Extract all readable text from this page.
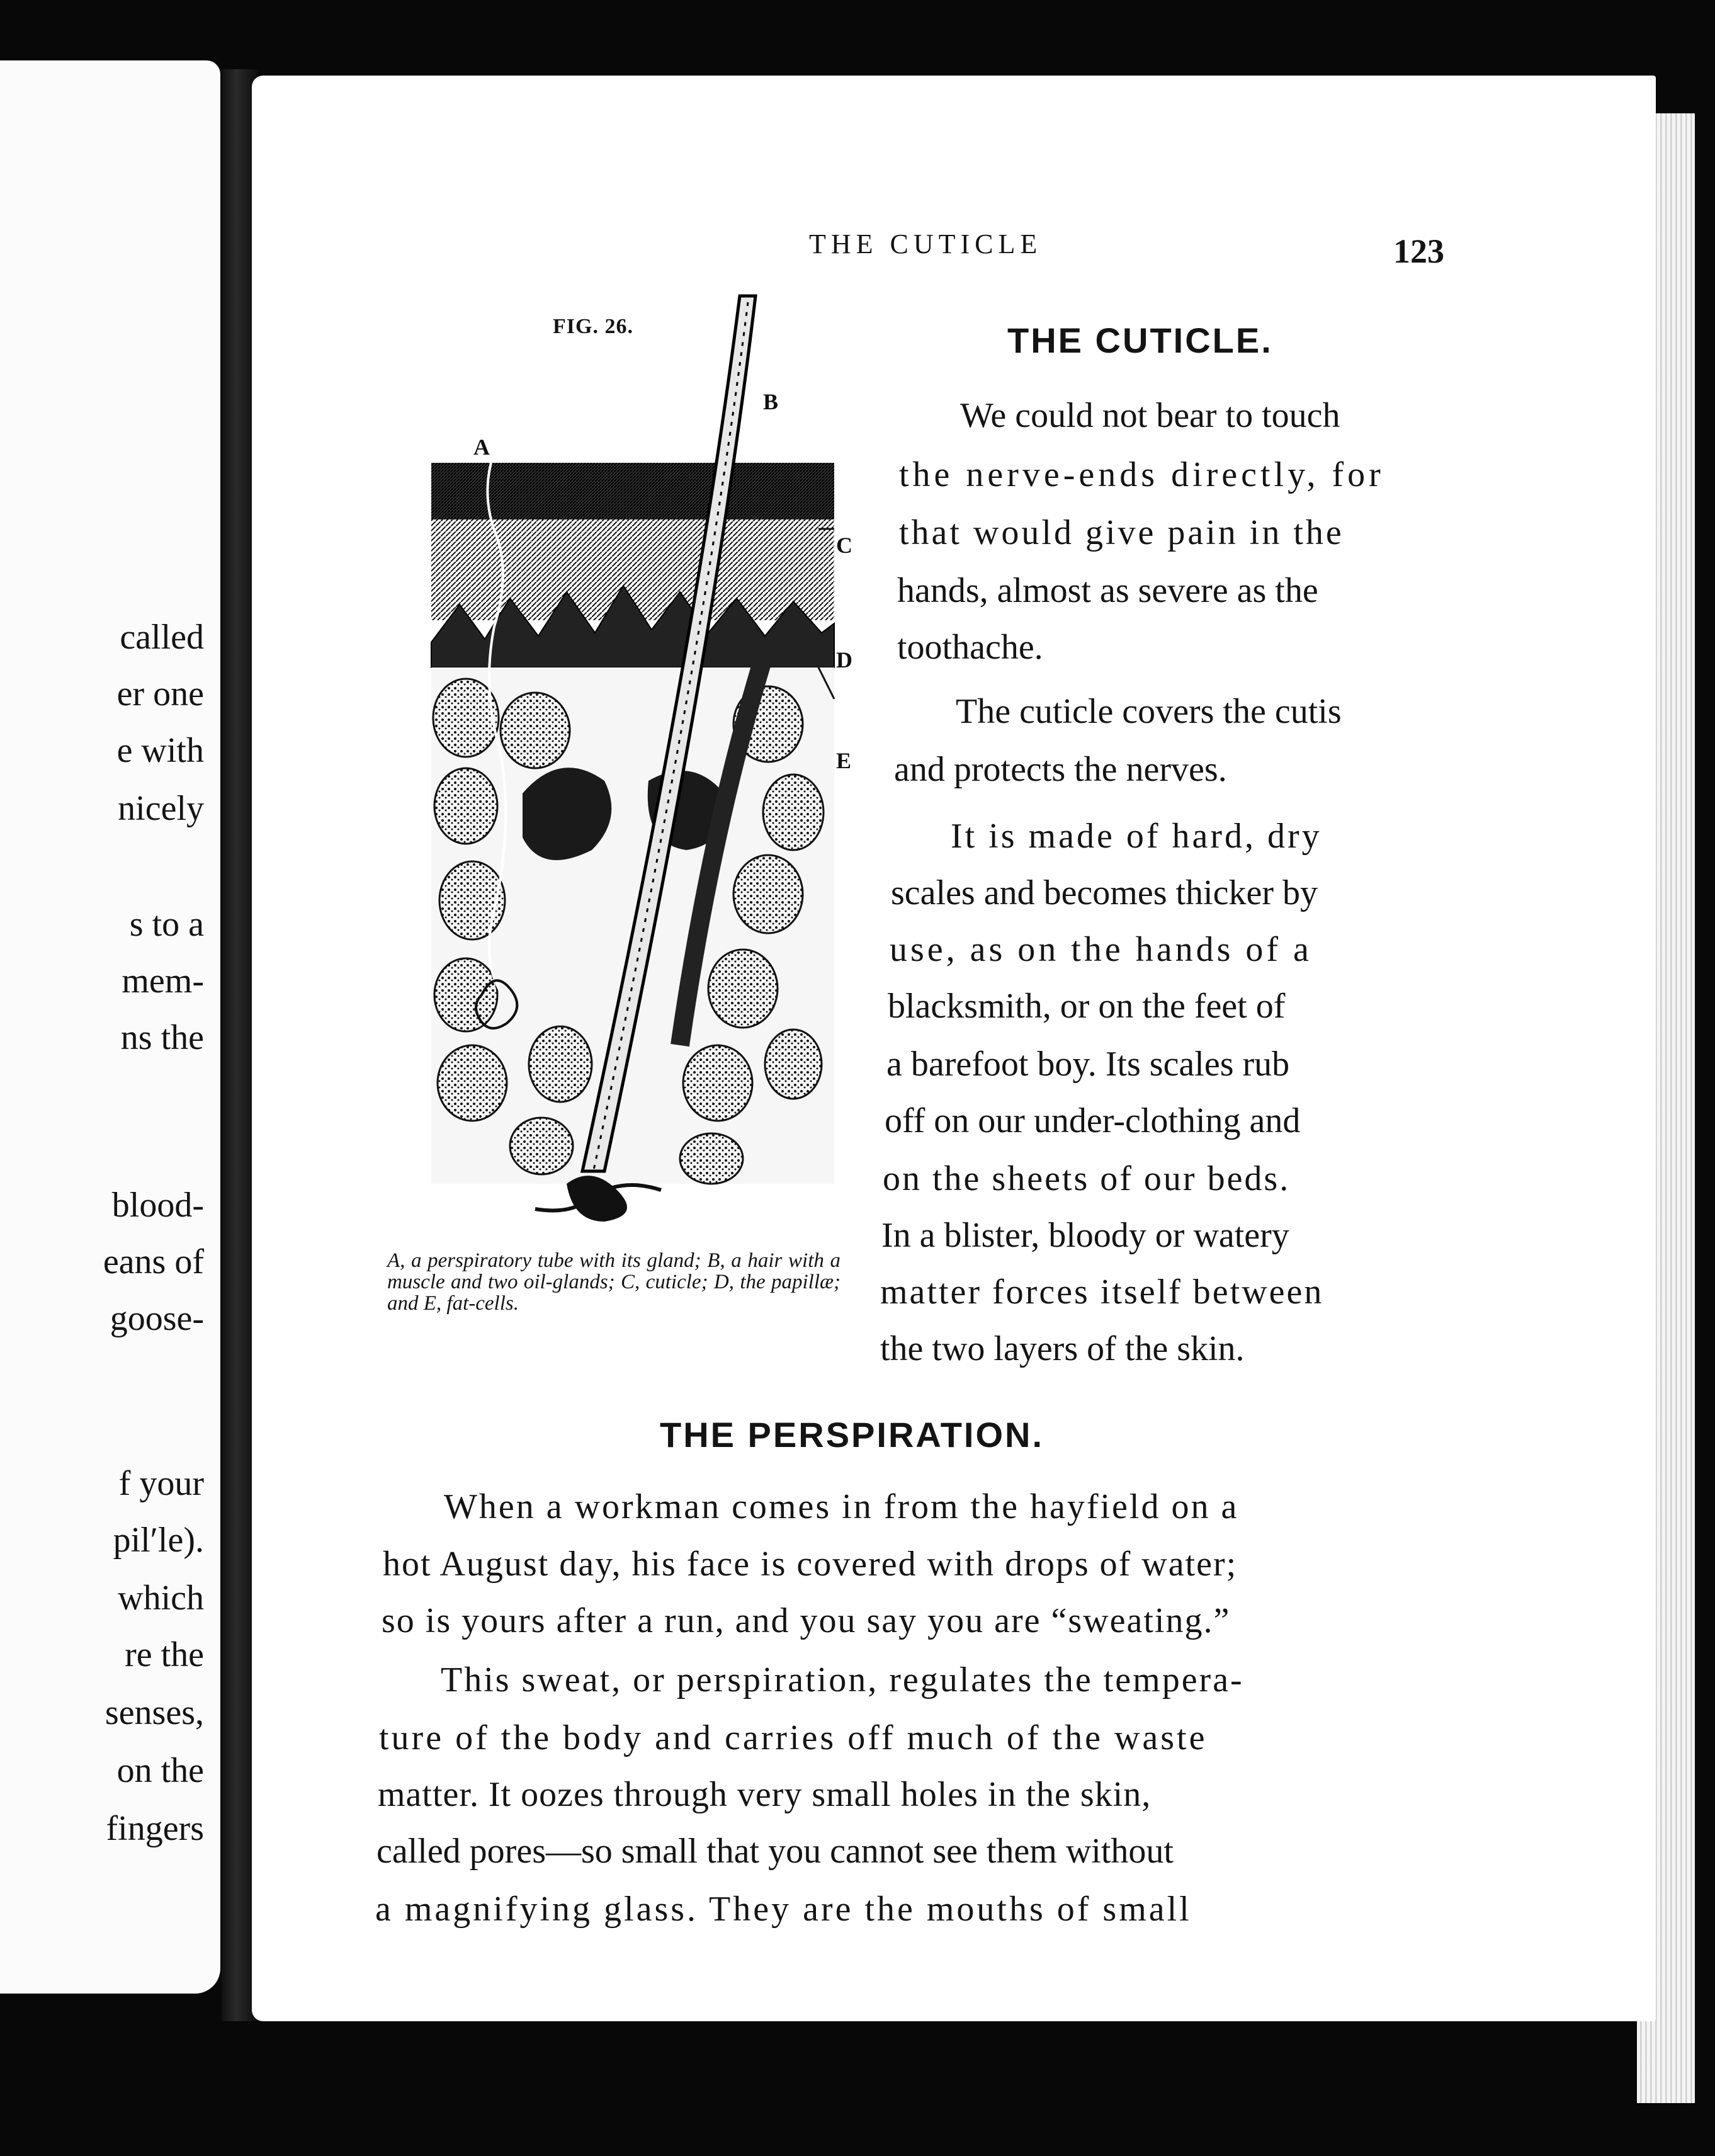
called
er one
e with
nicely
s to a
mem-
ns the
blood-
eans of
goose-
f your
pil′le).
which
re the
senses,
on the
fingers
THE CUTICLE	123
FIG. 26.
A
B
C
D
E
A, a perspiratory tube with its gland; B, a hair with a muscle and two oil-glands; C, cuticle; D, the papillæ; and E, fat-cells.
THE CUTICLE.
We could not bear to touch
the nerve-ends directly, for
that would give pain in the
hands, almost as severe as the
toothache.
The cuticle covers the cutis
and protects the nerves.
It is made of hard, dry
scales and becomes thicker by
use, as on the hands of a
blacksmith, or on the feet of
a barefoot boy. Its scales rub
off on our under-clothing and
on the sheets of our beds.
In a blister, bloody or watery
matter forces itself between
the two layers of the skin.
THE PERSPIRATION.
When a workman comes in from the hayfield on a
hot August day, his face is covered with drops of water;
so is yours after a run, and you say you are “sweating.”
This sweat, or perspiration, regulates the tempera-
ture of the body and carries off much of the waste
matter. It oozes through very small holes in the skin,
called pores—so small that you cannot see them without
a magnifying glass. They are the mouths of small
